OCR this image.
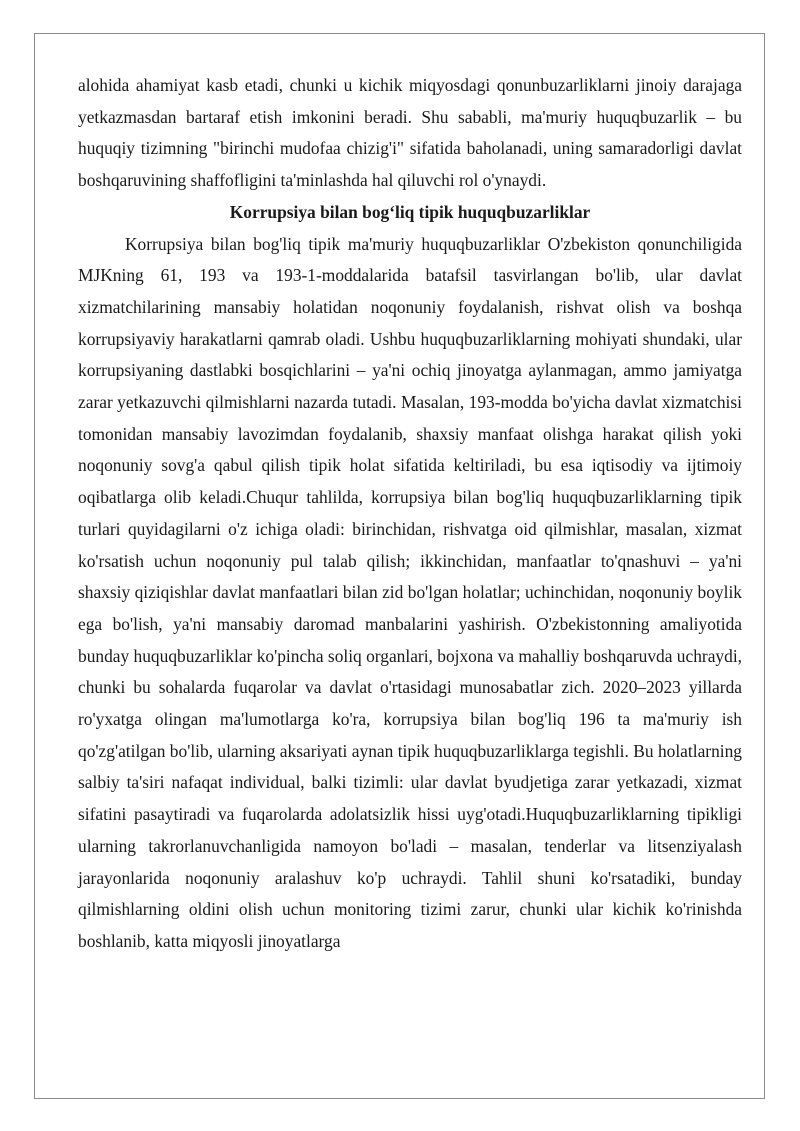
alohida ahamiyat kasb etadi, chunki u kichik miqyosdagi qonunbuzarliklarni jinoiy darajaga yetkazmasdan bartaraf etish imkonini beradi. Shu sababli, ma'muriy huquqbuzarlik – bu huquqiy tizimning "birinchi mudofaa chizig'i" sifatida baholanadi, uning samaradorligi davlat boshqaruvining shaffofligini ta'minlashda hal qiluvchi rol o'ynaydi.

Korrupsiya bilan bog‘liq tipik huquqbuzarliklar

Korrupsiya bilan bog'liq tipik ma'muriy huquqbuzarliklar O'zbekiston qonunchiligida MJKning 61, 193 va 193-1-moddalarida batafsil tasvirlangan bo'lib, ular davlat xizmatchilarining mansabiy holatidan noqonuniy foydalanish, rishvat olish va boshqa korrupsiyaviy harakatlarni qamrab oladi. Ushbu huquqbuzarliklarning mohiyati shundaki, ular korrupsiyaning dastlabki bosqichlarini – ya'ni ochiq jinoyatga aylanmagan, ammo jamiyatga zarar yetkazuvchi qilmishlarni nazarda tutadi. Masalan, 193-modda bo'yicha davlat xizmatchisi tomonidan mansabiy lavozimdan foydalanib, shaxsiy manfaat olishga harakat qilish yoki noqonuniy sovg'a qabul qilish tipik holat sifatida keltiriladi, bu esa iqtisodiy va ijtimoiy oqibatlarga olib keladi.Chuqur tahlilda, korrupsiya bilan bog'liq huquqbuzarliklarning tipik turlari quyidagilarni o'z ichiga oladi: birinchidan, rishvatga oid qilmishlar, masalan, xizmat ko'rsatish uchun noqonuniy pul talab qilish; ikkinchidan, manfaatlar to'qnashuvi – ya'ni shaxsiy qiziqishlar davlat manfaatlari bilan zid bo'lgan holatlar; uchinchidan, noqonuniy boylik ega bo'lish, ya'ni mansabiy daromad manbalarini yashirish. O'zbekistonning amaliyotida bunday huquqbuzarliklar ko'pincha soliq organlari, bojxona va mahalliy boshqaruvda uchraydi, chunki bu sohalarda fuqarolar va davlat o'rtasidagi munosabatlar zich. 2020–2023 yillarda ro'yxatga olingan ma'lumotlarga ko'ra, korrupsiya bilan bog'liq 196 ta ma'muriy ish qo'zg'atilgan bo'lib, ularning aksariyati aynan tipik huquqbuzarliklarga tegishli. Bu holatlarning salbiy ta'siri nafaqat individual, balki tizimli: ular davlat byudjetiga zarar yetkazadi, xizmat sifatini pasaytiradi va fuqarolarda adolatsizlik hissi uyg'otadi.Huquqbuzarliklarning tipikligi ularning takrorlanuvchanligida namoyon bo'ladi – masalan, tenderlar va litsenziyalash jarayonlarida noqonuniy aralashuv ko'p uchraydi. Tahlil shuni ko'rsatadiki, bunday qilmishlarning oldini olish uchun monitoring tizimi zarur, chunki ular kichik ko'rinishda boshlanib, katta miqyosli jinoyatlarga
